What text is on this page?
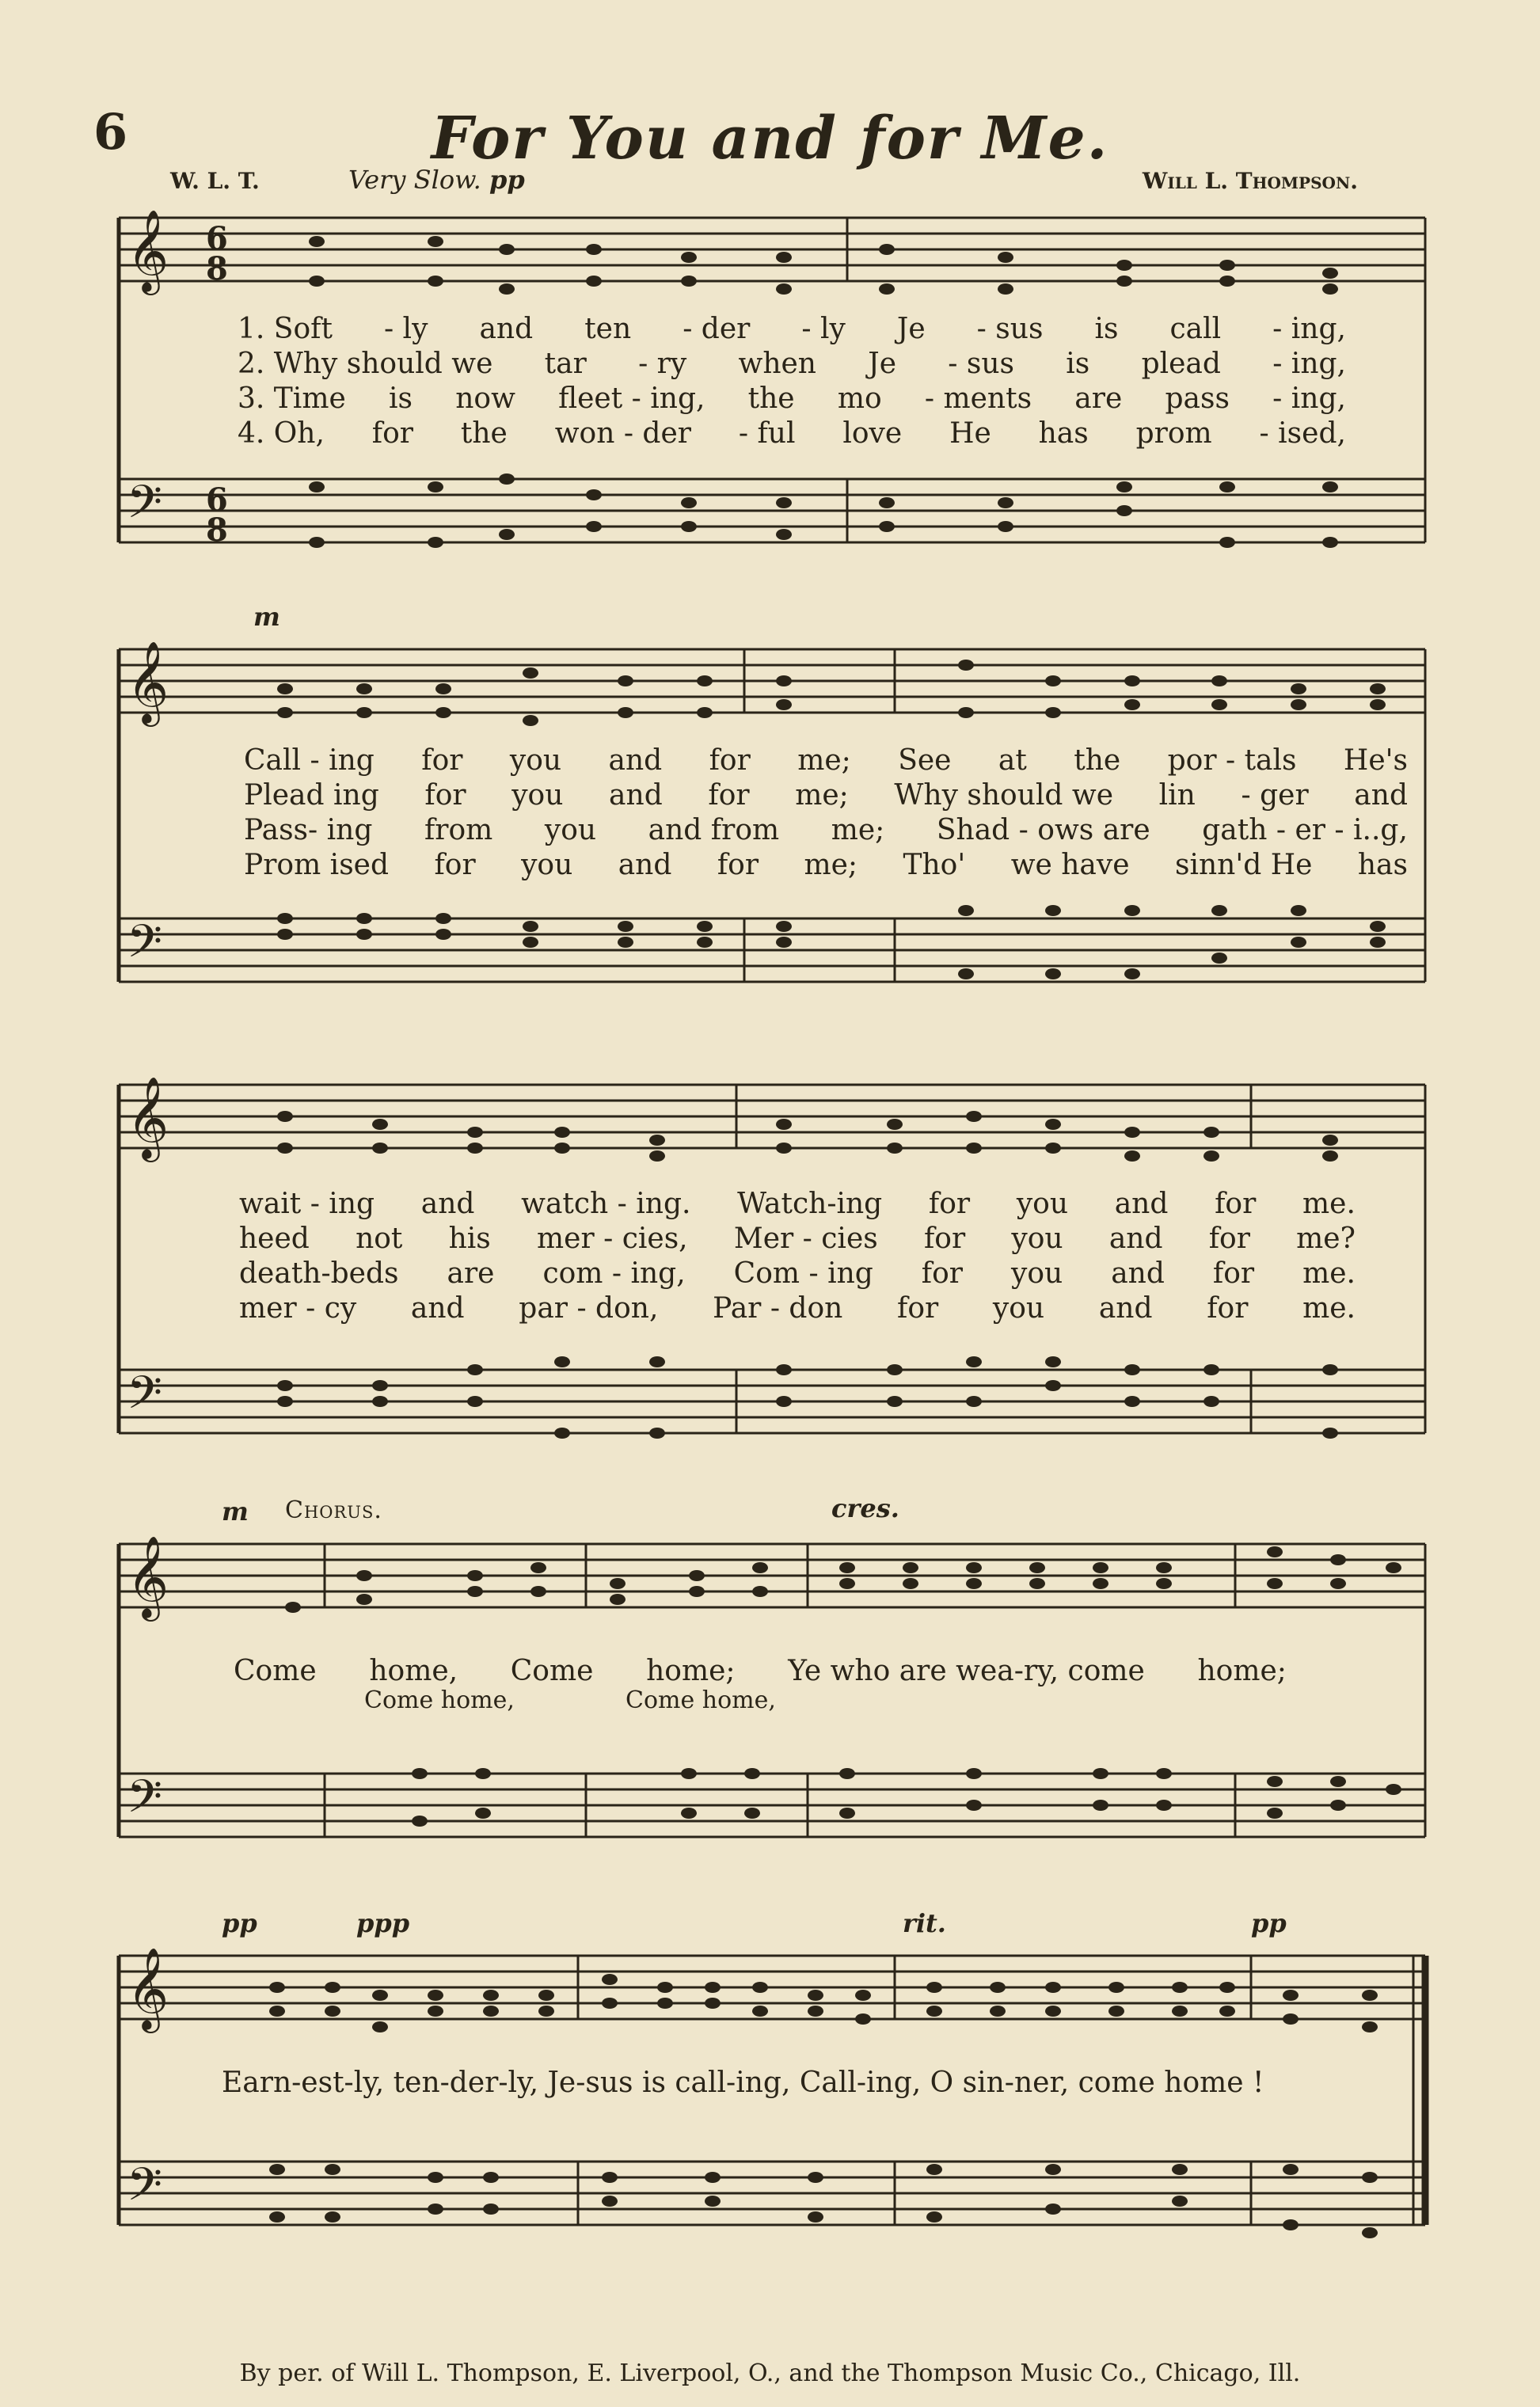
6	For You and for Me.
W. L. T.	Very Slow. pp	Will L. Thompson.
𝄞
𝄢
6
8
6
8
1. Soft - ly and ten - der - ly Je - sus is call - ing,
2. Why should we tar - ry when Je - sus is plead - ing,
3. Time is now fleet - ing, the mo - ments are pass - ing,
4. Oh, for the won - der - ful love He has prom - ised,
m
𝄞
𝄢
Call - ing for you and for me; See at the por - tals He's
Plead ing for you and for me; Why should we lin - ger and
Pass- ing from you and from me; Shad - ows are gath - er - i..g,
Prom ised for you and for me; Tho' we have sinn'd He has
𝄞
𝄢
wait - ing and watch - ing. Watch-ing for you and for me.
heed not his mer - cies, Mer - cies for you and for me?
death-beds are com - ing, Com - ing for you and for me.
mer - cy and par - don, Par - don for you and for me.
m Chorus.	cres.
𝄞
𝄢
Come home, Come home; Ye who are wea-ry, come home;
Come home,	Come home,
pp	ppp	rit.	pp
𝄞
𝄢
Earn-est-ly, ten-der-ly, Je-sus is call-ing, Call-ing, O sin-ner, come home !
By per. of Will L. Thompson, E. Liverpool, O., and the Thompson Music Co., Chicago, Ill.
